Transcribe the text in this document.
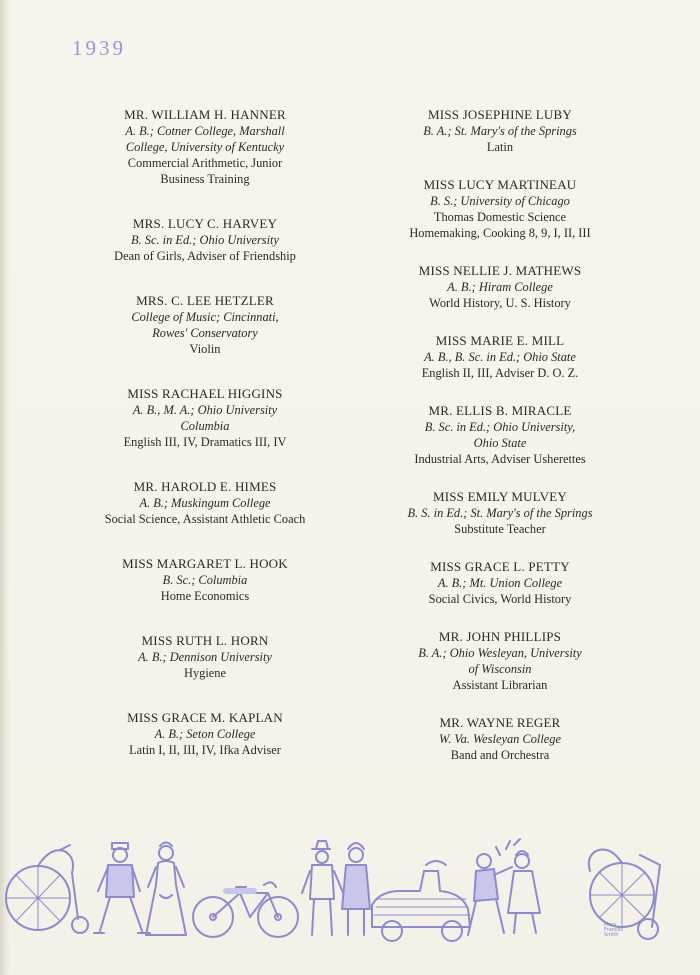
1939
MR. WILLIAM H. HANNER
A. B.; Cotner College, Marshall
College, University of Kentucky
Commercial Arithmetic, Junior
Business Training
MRS. LUCY C. HARVEY
B. Sc. in Ed.; Ohio University
Dean of Girls, Adviser of Friendship
MRS. C. LEE HETZLER
College of Music; Cincinnati,
Rowes' Conservatory
Violin
MISS RACHAEL HIGGINS
A. B., M. A.; Ohio University
Columbia
English III, IV, Dramatics III, IV
MR. HAROLD E. HIMES
A. B.; Muskingum College
Social Science, Assistant Athletic Coach
MISS MARGARET L. HOOK
B. Sc.; Columbia
Home Economics
MISS RUTH L. HORN
A. B.; Dennison University
Hygiene
MISS GRACE M. KAPLAN
A. B.; Seton College
Latin I, II, III, IV, Ifka Adviser
MISS JOSEPHINE LUBY
B. A.; St. Mary's of the Springs
Latin
MISS LUCY MARTINEAU
B. S.; University of Chicago
Thomas Domestic Science
Homemaking, Cooking 8, 9, I, II, III
MISS NELLIE J. MATHEWS
A. B.; Hiram College
World History, U. S. History
MISS MARIE E. MILL
A. B., B. Sc. in Ed.; Ohio State
English II, III, Adviser D. O. Z.
MR. ELLIS B. MIRACLE
B. Sc. in Ed.; Ohio University,
Ohio State
Industrial Arts, Adviser Usherettes
MISS EMILY MULVEY
B. S. in Ed.; St. Mary's of the Springs
Substitute Teacher
MISS GRACE L. PETTY
A. B.; Mt. Union College
Social Civics, World History
MR. JOHN PHILLIPS
B. A.; Ohio Wesleyan, University
of Wisconsin
Assistant Librarian
MR. WAYNE REGER
W. Va. Wesleyan College
Band and Orchestra
Mary
Frances
Smith
